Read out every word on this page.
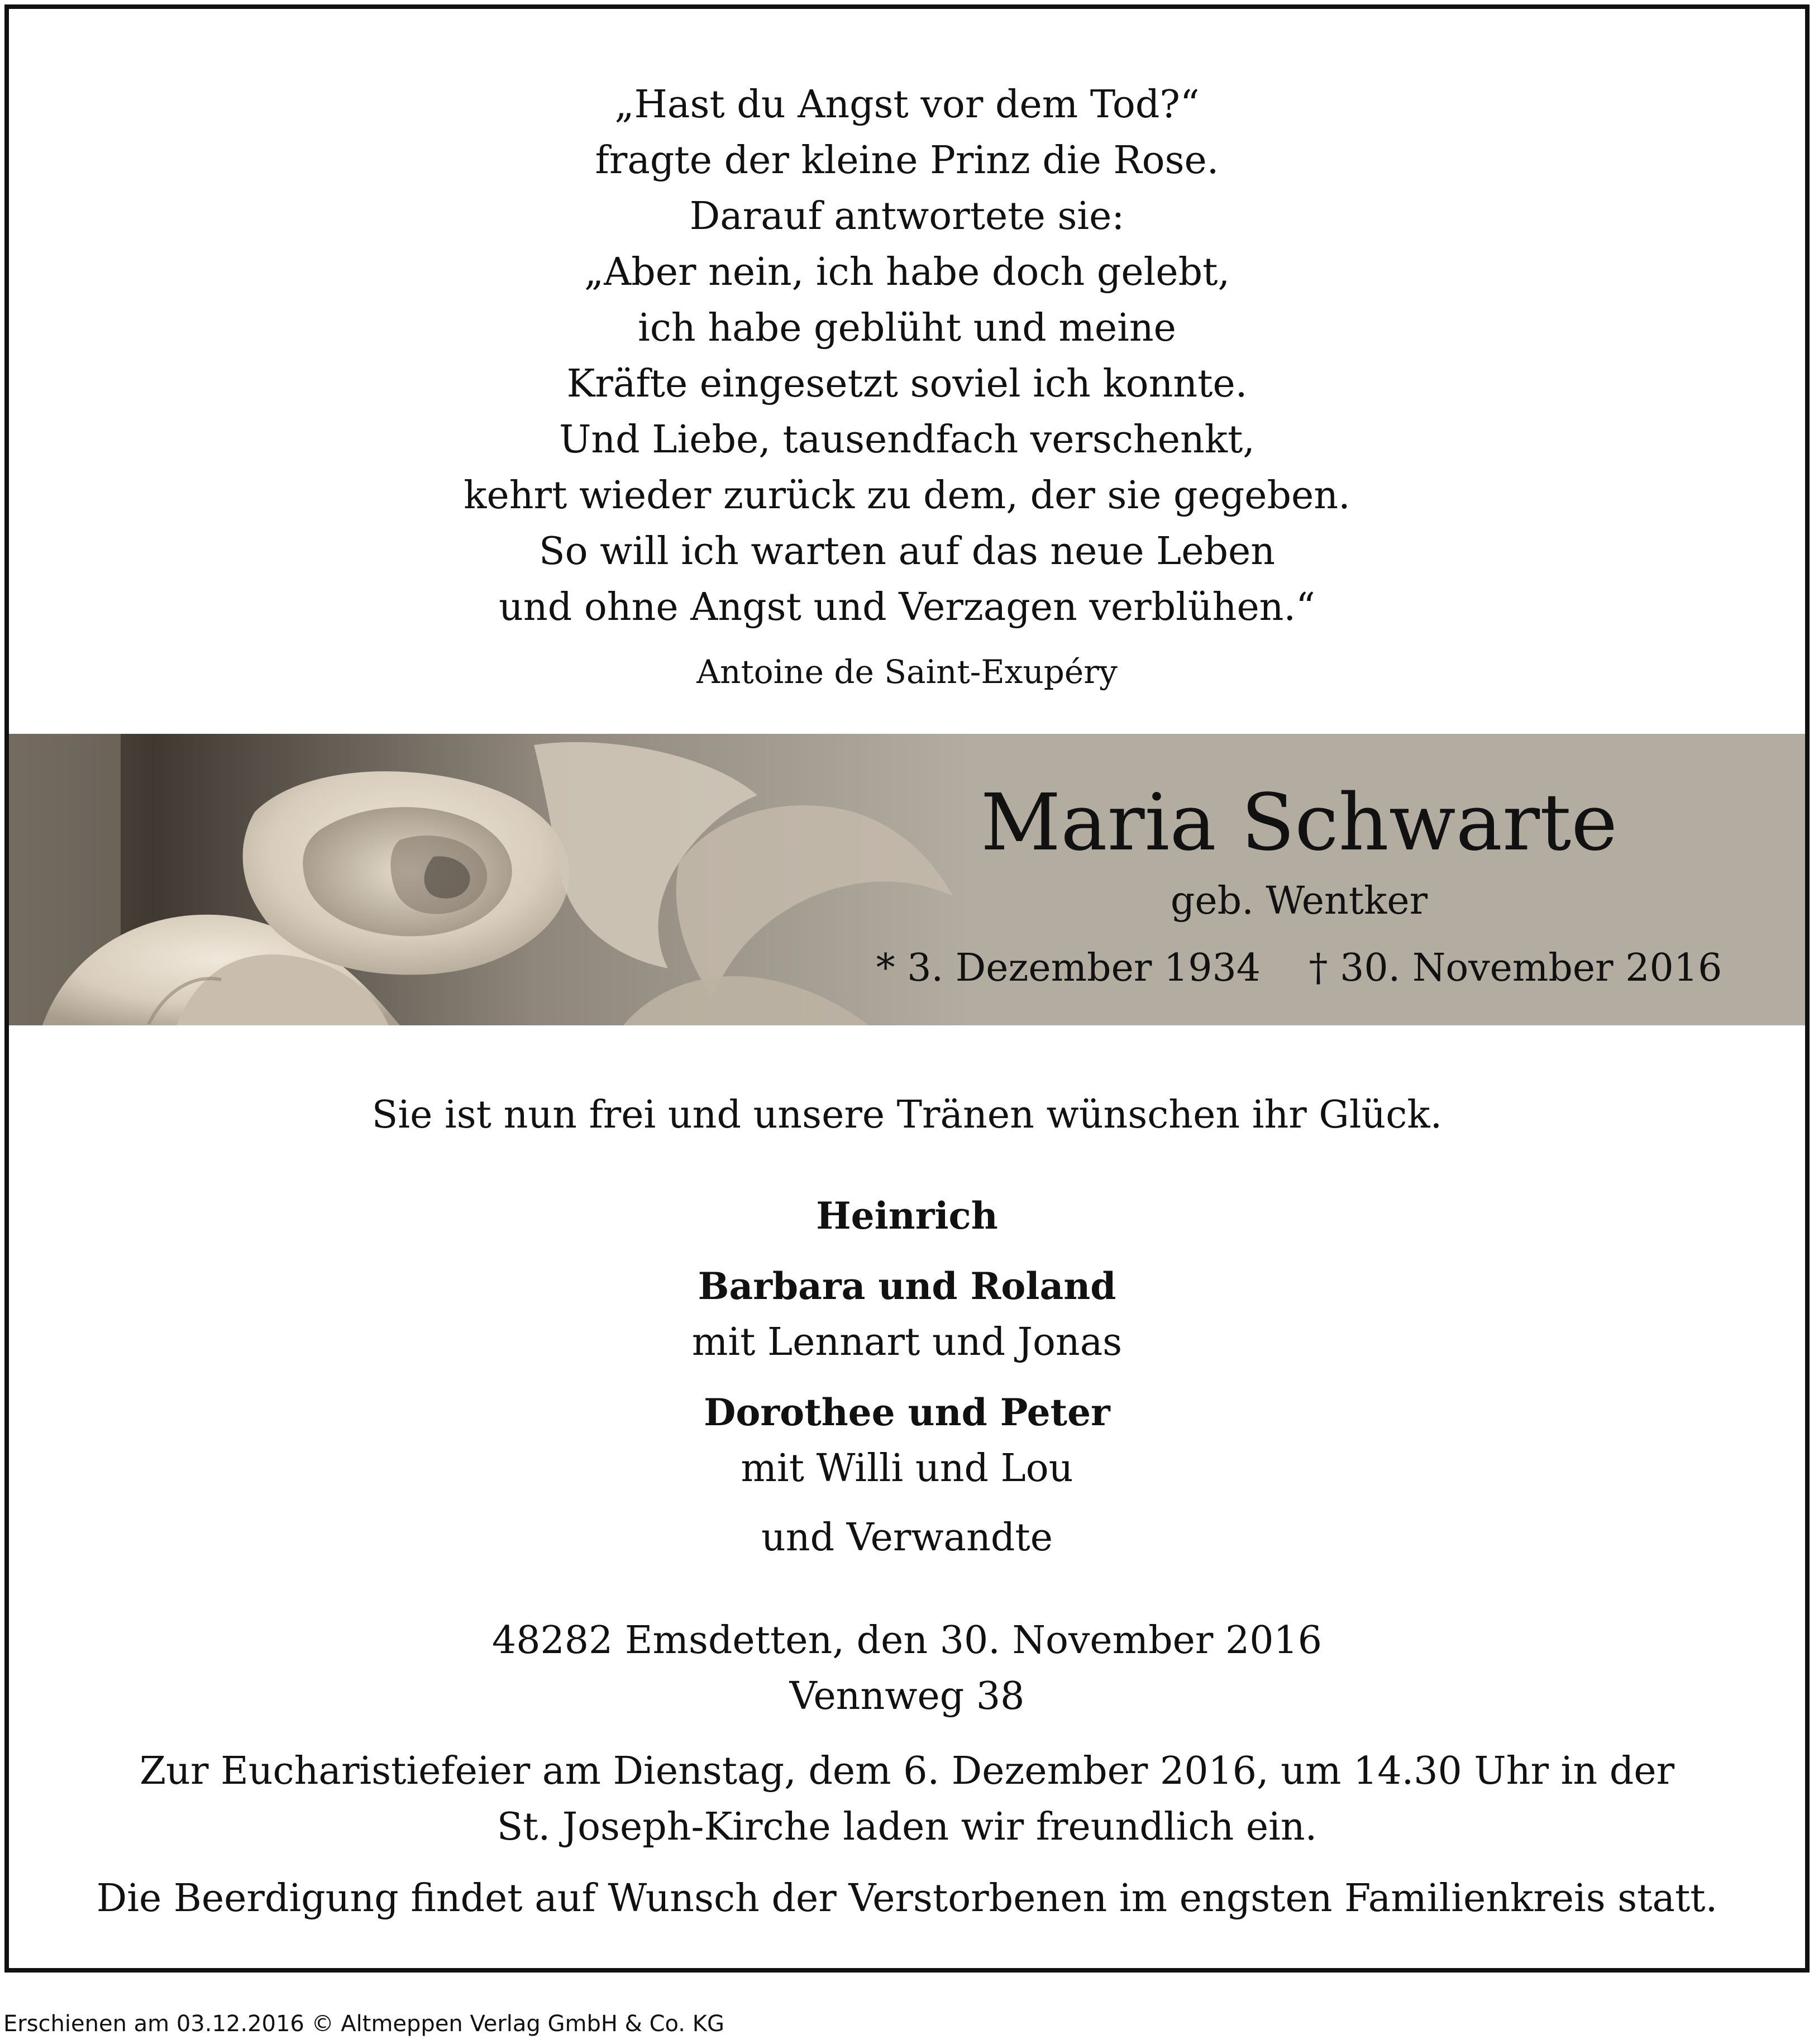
„Hast du Angst vor dem Tod?“
fragte der kleine Prinz die Rose.
Darauf antwortete sie:
„Aber nein, ich habe doch gelebt,
ich habe geblüht und meine
Kräfte eingesetzt soviel ich konnte.
Und Liebe, tausendfach verschenkt,
kehrt wieder zurück zu dem, der sie gegeben.
So will ich warten auf das neue Leben
und ohne Angst und Verzagen verblühen.“
Antoine de Saint-Exupéry
Maria Schwarte
geb. Wentker
* 3. Dezember 1934    † 30. November 2016
Sie ist nun frei und unsere Tränen wünschen ihr Glück.
Heinrich
Barbara und Roland
mit Lennart und Jonas
Dorothee und Peter
mit Willi und Lou
und Verwandte
48282 Emsdetten, den 30. November 2016
Vennweg 38
Zur Eucharistiefeier am Dienstag, dem 6. Dezember 2016, um 14.30 Uhr in der
St. Joseph-Kirche laden wir freundlich ein.
Die Beerdigung findet auf Wunsch der Verstorbenen im engsten Familienkreis statt.
Erschienen am 03.12.2016 © Altmeppen Verlag GmbH & Co. KG
